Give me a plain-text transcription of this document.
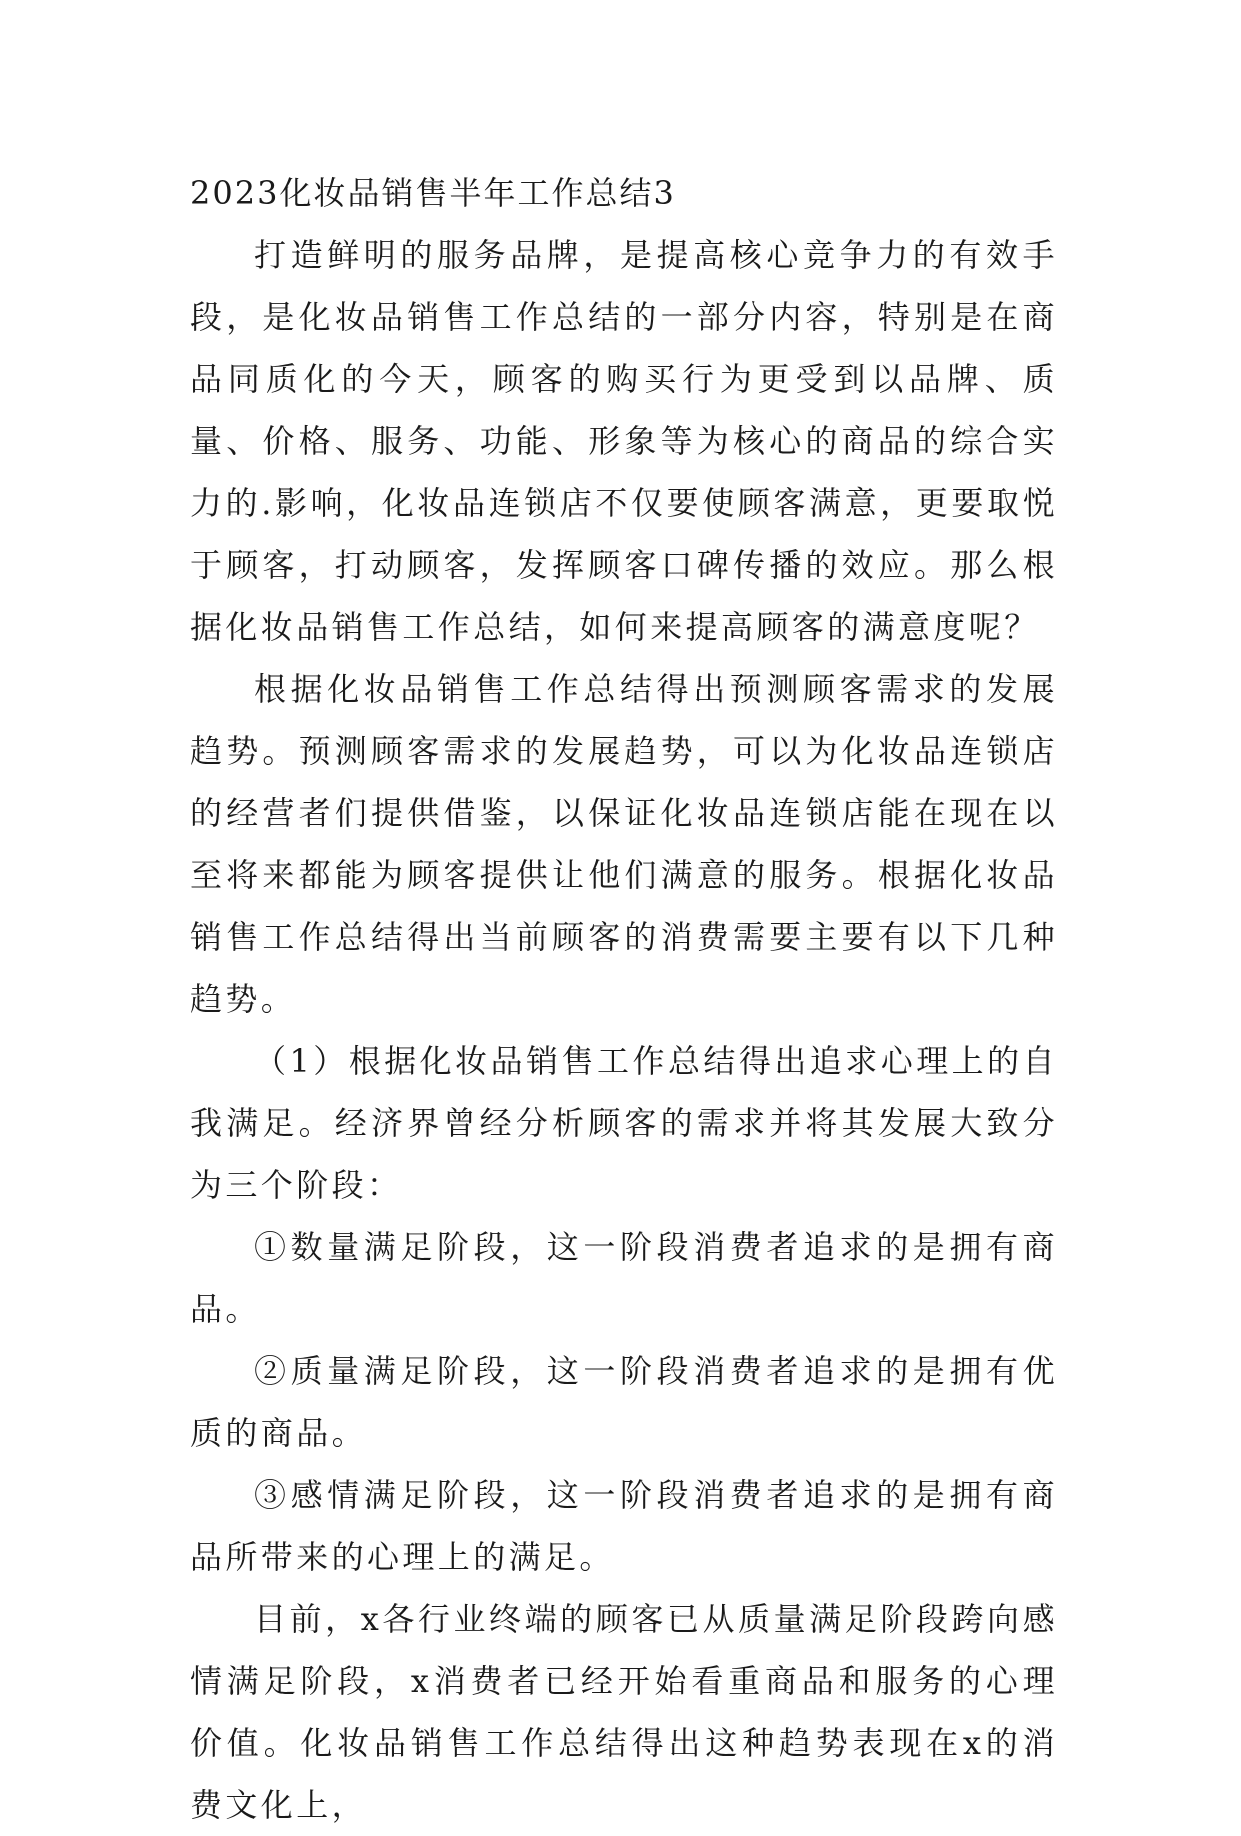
2023化妆品销售半年工作总结3

打造鲜明的服务品牌，是提高核心竞争力的有效手段，是化妆品销售工作总结的一部分内容，特别是在商品同质化的今天，顾客的购买行为更受到以品牌、质量、价格、服务、功能、形象等为核心的商品的综合实力的.影响，化妆品连锁店不仅要使顾客满意，更要取悦于顾客，打动顾客，发挥顾客口碑传播的效应。那么根据化妆品销售工作总结，如何来提高顾客的满意度呢？

根据化妆品销售工作总结得出预测顾客需求的发展趋势。预测顾客需求的发展趋势，可以为化妆品连锁店的经营者们提供借鉴，以保证化妆品连锁店能在现在以至将来都能为顾客提供让他们满意的服务。根据化妆品销售工作总结得出当前顾客的消费需要主要有以下几种趋势。

（1）根据化妆品销售工作总结得出追求心理上的自我满足。经济界曾经分析顾客的需求并将其发展大致分为三个阶段：

①数量满足阶段，这一阶段消费者追求的是拥有商品。

②质量满足阶段，这一阶段消费者追求的是拥有优质的商品。

③感情满足阶段，这一阶段消费者追求的是拥有商品所带来的心理上的满足。

目前，x各行业终端的顾客已从质量满足阶段跨向感情满足阶段，x消费者已经开始看重商品和服务的心理价值。化妆品销售工作总结得出这种趋势表现在x的消费文化上，
